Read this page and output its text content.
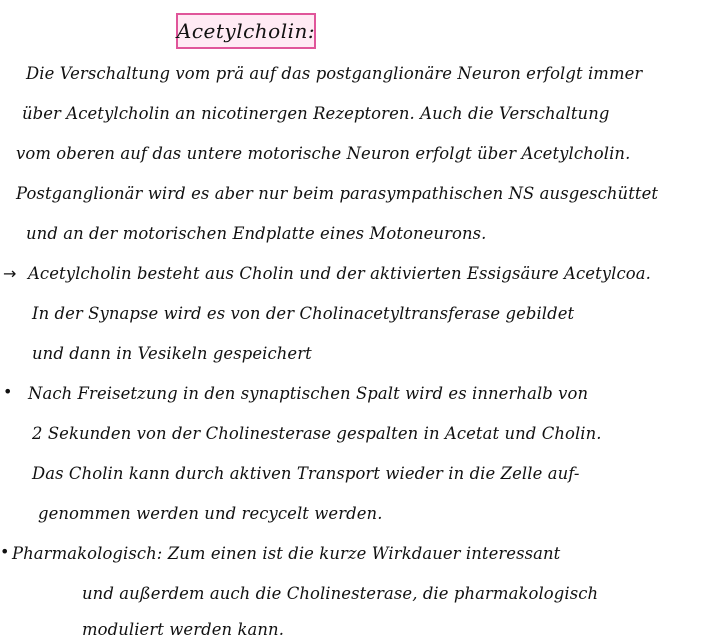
Acetylcholin:
Die Verschaltung vom prä auf das postganglionäre Neuron erfolgt immer
über Acetylcholin an nicotinergen Rezeptoren. Auch die Verschaltung
vom oberen auf das untere motorische Neuron erfolgt über Acetylcholin.
Postganglionär wird es aber nur beim parasympathischen NS ausgeschüttet
und an der motorischen Endplatte eines Motoneurons.
→ Acetylcholin besteht aus Cholin und der aktivierten Essigsäure Acetylcoa.
In der Synapse wird es von der Cholinacetyltransferase gebildet
und dann in Vesikeln gespeichert
• Nach Freisetzung in den synaptischen Spalt wird es innerhalb von
2 Sekunden von der Cholinesterase gespalten in Acetat und Cholin.
Das Cholin kann durch aktiven Transport wieder in die Zelle auf-
genommen werden und recycelt werden.
• Pharmakologisch: Zum einen ist die kurze Wirkdauer interessant
und außerdem auch die Cholinesterase, die pharmakologisch
moduliert werden kann.
